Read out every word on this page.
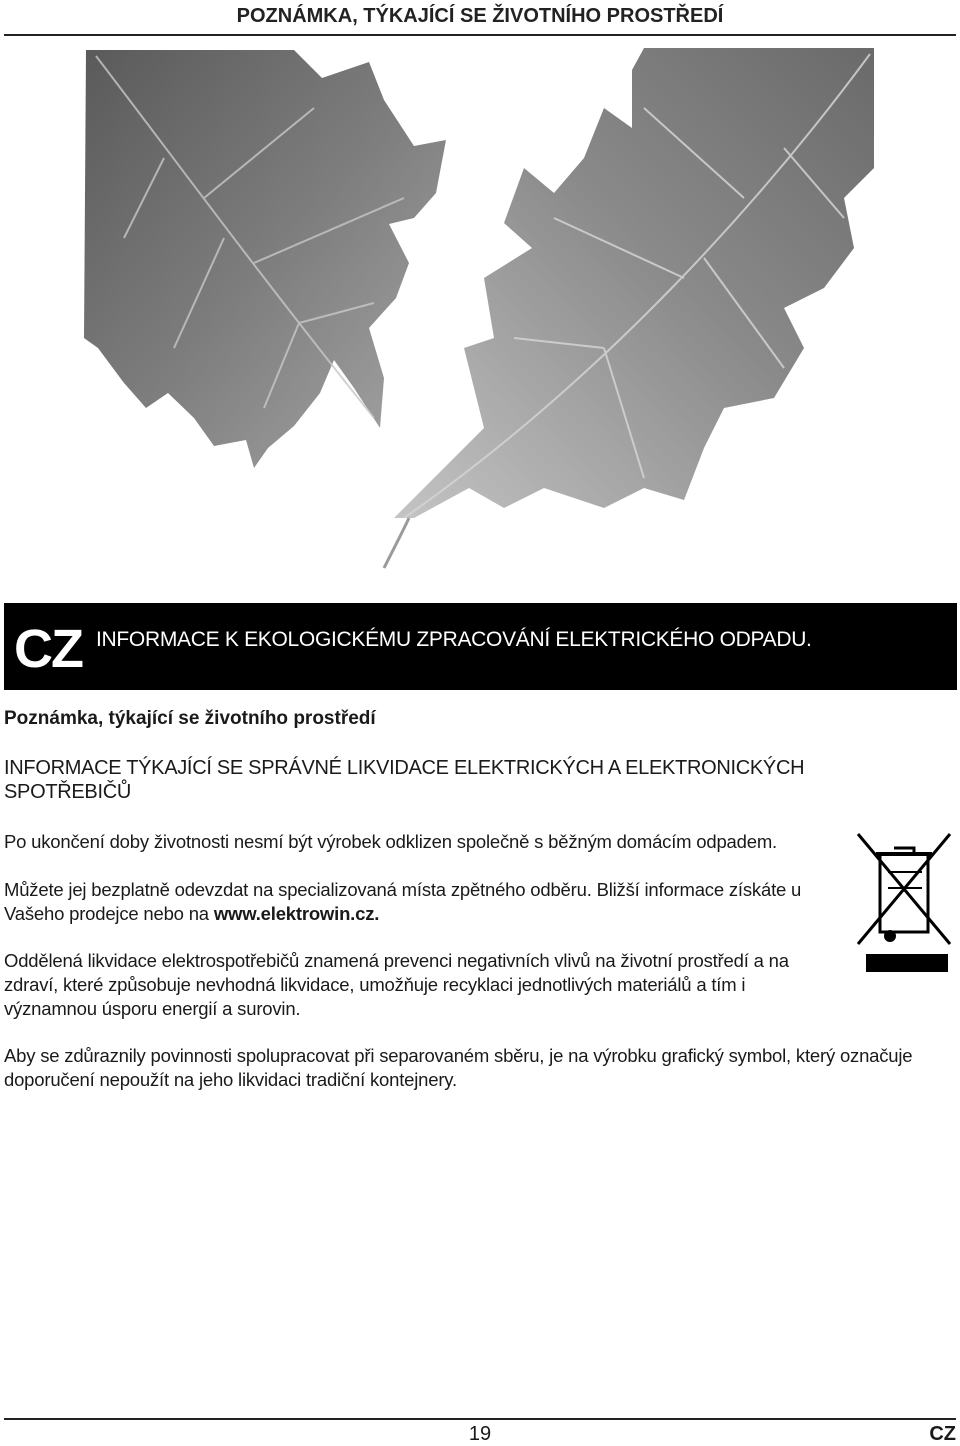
POZNÁMKA, TÝKAJÍCÍ SE ŽIVOTNÍHO PROSTŘEDÍ
CZ INFORMACE K EKOLOGICKÉMU ZPRACOVÁNÍ ELEKTRICKÉHO ODPADU.
Poznámka, týkající se životního prostředí
INFORMACE TÝKAJÍCÍ SE SPRÁVNÉ LIKVIDACE ELEKTRICKÝCH A ELEKTRONICKÝCH SPOTŘEBIČŮ

Po ukončení doby životnosti nesmí být výrobek odklizen společně s běžným domácím odpadem.

Můžete jej bezplatně odevzdat na specializovaná místa zpětného odběru. Bližší informace získáte u Vašeho prodejce nebo na www.elektrowin.cz.

Oddělená likvidace elektrospotřebičů znamená prevenci negativních vlivů na životní prostředí a na zdraví, které způsobuje nevhodná likvidace, umožňuje recyklaci jednotlivých materiálů a tím i významnou úsporu energií a surovin.

Aby se zdůraznily povinnosti spolupracovat při separovaném sběru, je na výrobku grafický symbol, který označuje doporučení nepoužít na jeho likvidaci tradiční kontejnery.

19	CZ
